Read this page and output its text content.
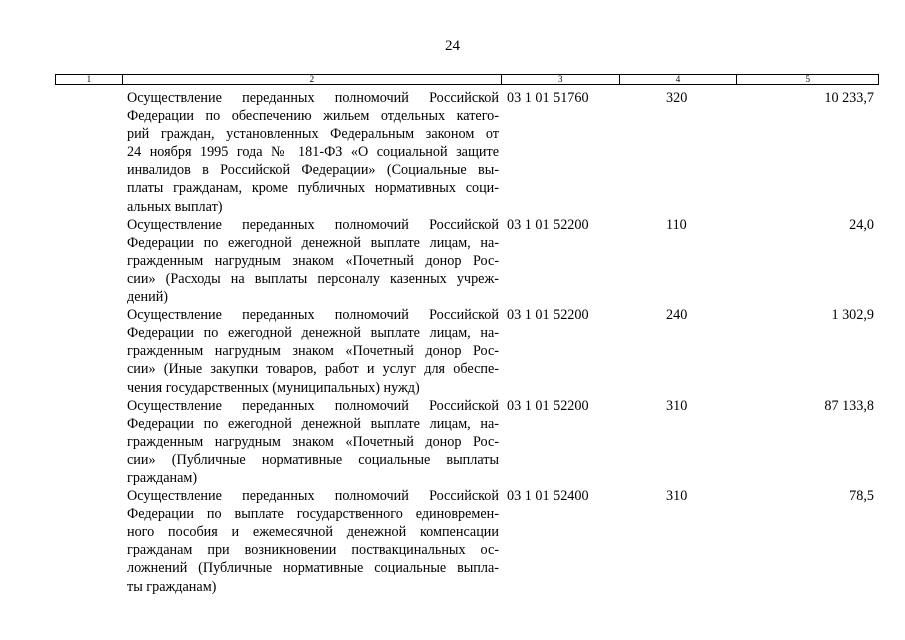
24
1	2	3	4	5
Осуществление переданных полномочий Российской
Федерации по обеспечению жильем отдельных катего-
рий граждан, установленных Федеральным законом от
24 ноября 1995 года № 181-ФЗ «О социальной защите
инвалидов в Российской Федерации» (Социальные вы-
платы гражданам, кроме публичных нормативных соци-
альных выплат)
03 1 01 51760	320	10 233,7
Осуществление переданных полномочий Российской
Федерации по ежегодной денежной выплате лицам, на-
гражденным нагрудным знаком «Почетный донор Рос-
сии» (Расходы на выплаты персоналу казенных учреж-
дений)
03 1 01 52200	110	24,0
Осуществление переданных полномочий Российской
Федерации по ежегодной денежной выплате лицам, на-
гражденным нагрудным знаком «Почетный донор Рос-
сии» (Иные закупки товаров, работ и услуг для обеспе-
чения государственных (муниципальных) нужд)
03 1 01 52200	240	1 302,9
Осуществление переданных полномочий Российской
Федерации по ежегодной денежной выплате лицам, на-
гражденным нагрудным знаком «Почетный донор Рос-
сии» (Публичные нормативные социальные выплаты
гражданам)
03 1 01 52200	310	87 133,8
Осуществление переданных полномочий Российской
Федерации по выплате государственного единовремен-
ного пособия и ежемесячной денежной компенсации
гражданам при возникновении поствакцинальных ос-
ложнений (Публичные нормативные социальные выпла-
ты гражданам)
03 1 01 52400	310	78,5
